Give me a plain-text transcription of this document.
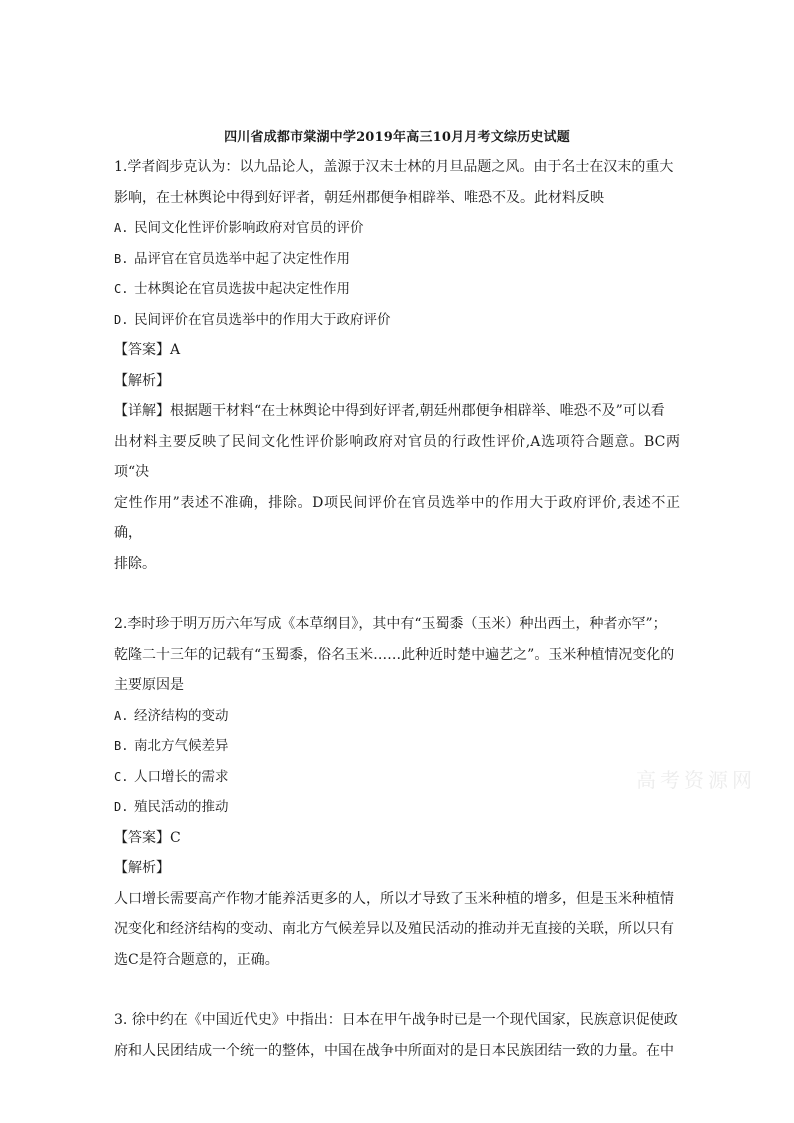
四川省成都市棠湖中学2019年高三10月月考文综历史试题

1.学者阎步克认为：以九品论人，盖源于汉末士林的月旦品题之风。由于名士在汉末的重大

影响，在士林舆论中得到好评者，朝廷州郡便争相辟举、唯恐不及。此材料反映

A. 民间文化性评价影响政府对官员的评价

B. 品评官在官员选举中起了决定性作用

C. 士林舆论在官员选拔中起决定性作用

D. 民间评价在官员选举中的作用大于政府评价

【答案】A

【解析】

【详解】根据题干材料“在士林舆论中得到好评者,朝廷州郡便争相辟举、唯恐不及”可以看

出材料主要反映了民间文化性评价影响政府对官员的行政性评价,A选项符合题意。BC两项“决

定性作用”表述不准确，排除。D项民间评价在官员选举中的作用大于政府评价,表述不正确，

排除。

2.李时珍于明万历六年写成《本草纲目》，其中有“玉蜀黍（玉米）种出西土，种者亦罕”；

乾隆二十三年的记载有“玉蜀黍，俗名玉米……此种近时楚中遍艺之”。玉米种植情况变化的

主要原因是

A. 经济结构的变动

B. 南北方气候差异

C. 人口增长的需求

D. 殖民活动的推动

【答案】C

【解析】

人口增长需要高产作物才能养活更多的人，所以才导致了玉米种植的增多，但是玉米种植情

况变化和经济结构的变动、南北方气候差异以及殖民活动的推动并无直接的关联，所以只有

选C是符合题意的，正确。

3. 徐中约在《中国近代史》中指出：日本在甲午战争时已是一个现代国家，民族意识促使政

府和人民团结成一个统一的整体，中国在战争中所面对的是日本民族团结一致的力量。在中

高考资源网
